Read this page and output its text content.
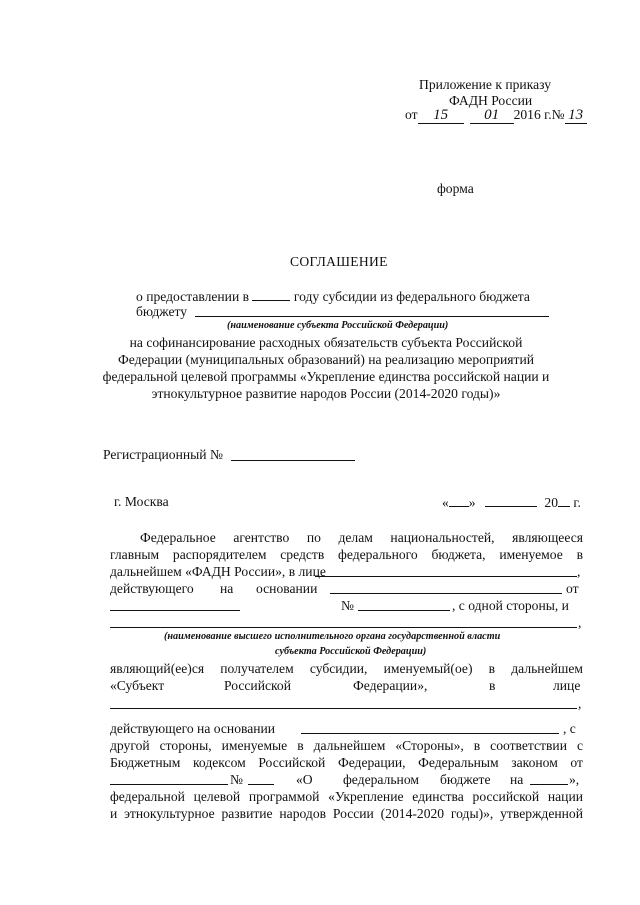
Приложение к приказу
ФАДН России
от 15 01 2016 г.№ 13
форма
СОГЛАШЕНИЕ
о предоставлении в	году субсидии из федерального бюджета
бюджету
(наименование субъекта Российской Федерации)
на софинансирование расходных обязательств субъекта Российской
Федерации (муниципальных образований) на реализацию мероприятий
федеральной целевой программы «Укрепление единства российской нации и
этнокультурное развитие народов России (2014-2020 годы)»
Регистрационный №
г. Москва	« »	20 г.
Федеральное агентство по делам национальностей, являющееся
главным распорядителем средств федерального бюджета, именуемое в
дальнейшем «ФАДН России», в лице	,
действующего на основании	от
№	, с одной стороны, и
,
(наименование высшего исполнительного органа государственной власти
субъекта Российской Федерации)
являющий(ее)ся получателем субсидии, именуемый(ое) в дальнейшем
«Субъект	Российской	Федерации»,	в	лице
,
действующего на основании	, с
другой стороны, именуемые в дальнейшем «Стороны», в соответствии с
Бюджетным кодексом Российской Федерации, Федеральным законом от
№	«О федеральном бюджете на	»,
федеральной целевой программой «Укрепление единства российской нации
и этнокультурное развитие народов России (2014-2020 годы)», утвержденной
